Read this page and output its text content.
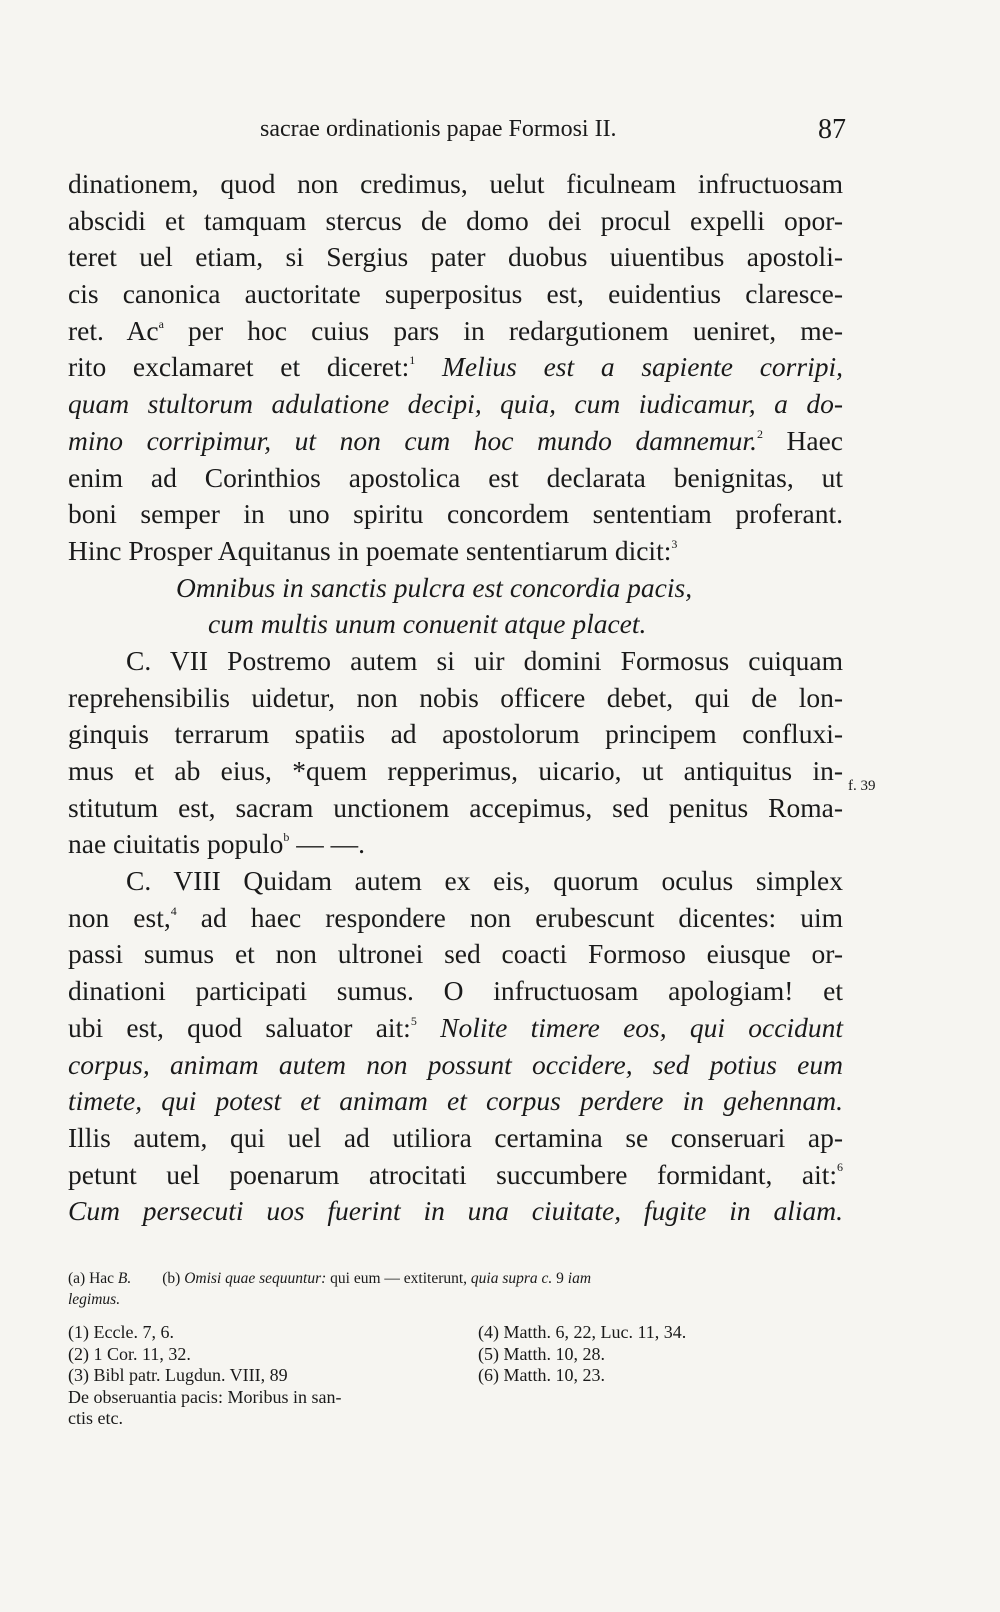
sacrae ordinationis papae Formosi II.	87
dinationem, quod non credimus, uelut ficulneam infructuosam
abscidi et tamquam stercus de domo dei procul expelli opor-
teret uel etiam, si Sergius pater duobus uiuentibus apostoli-
cis canonica auctoritate superpositus est, euidentius claresce-
ret. Ac$^a$ per hoc cuius pars in redargutionem ueniret, me-
rito exclamaret et diceret:$^1$ Melius est a sapiente corripi,
quam stultorum adulatione decipi, quia, cum iudicamur, a do-
mino corripimur, ut non cum hoc mundo damnemur.$^2$ Haec
enim ad Corinthios apostolica est declarata benignitas, ut
boni semper in uno spiritu concordem sententiam proferant.
Hinc Prosper Aquitanus in poemate sententiarum dicit:$^3$
Omnibus in sanctis pulcra est concordia pacis,
cum multis unum conuenit atque placet.
C. VII Postremo autem si uir domini Formosus cuiquam
reprehensibilis uidetur, non nobis officere debet, qui de lon-
ginquis terrarum spatiis ad apostolorum principem confluxi-
mus et ab eius, *quem repperimus, uicario, ut antiquitus in-
stitutum est, sacram unctionem accepimus, sed penitus Roma-
nae ciuitatis populo$^b$ — —.
C. VIII Quidam autem ex eis, quorum oculus simplex
non est,$^4$ ad haec respondere non erubescunt dicentes: uim
passi sumus et non ultronei sed coacti Formoso eiusque or-
dinationi participati sumus. O infructuosam apologiam! et
ubi est, quod saluator ait:$^5$ Nolite timere eos, qui occidunt
corpus, animam autem non possunt occidere, sed potius eum
timete, qui potest et animam et corpus perdere in gehennam.
Illis autem, qui uel ad utiliora certamina se conseruari ap-
petunt uel poenarum atrocitati succumbere formidant, ait:$^6$
Cum persecuti uos fuerint in una ciuitate, fugite in aliam.
f. 39
(a) Hac B. (b) Omisi quae sequuntur: qui eum — extiterunt, quia supra c. 9 iam
legimus.
(1) Eccle. 7, 6.
(2) 1 Cor. 11, 32.
(3) Bibl patr. Lugdun. VIII, 89
De obseruantia pacis: Moribus in san-
ctis etc.
(4) Matth. 6, 22, Luc. 11, 34.
(5) Matth. 10, 28.
(6) Matth. 10, 23.
